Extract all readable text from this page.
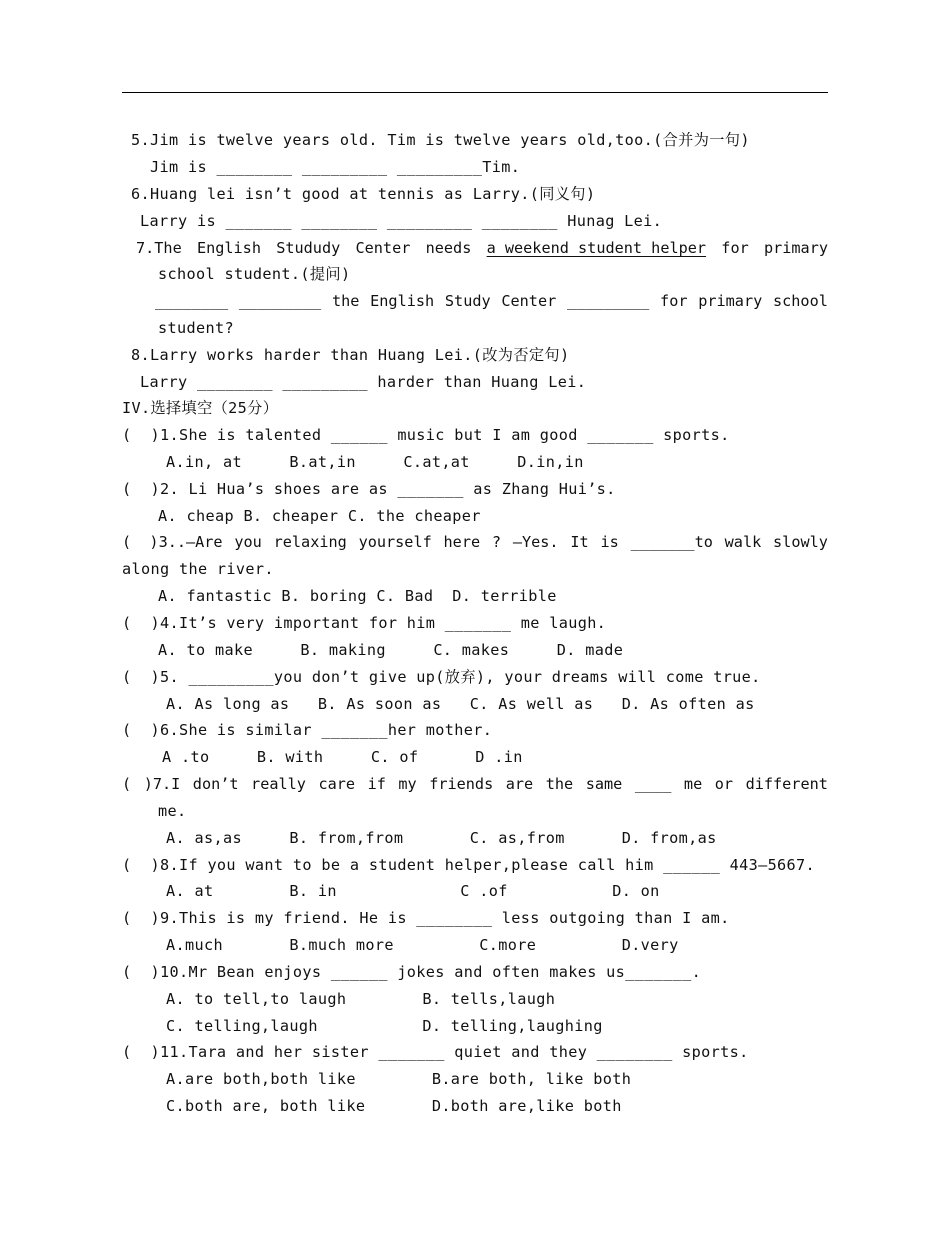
5.Jim is twelve years old. Tim is twelve years old,too.(合并为一句)
Jim is ________ _________ _________Tim.
6.Huang lei isn’t good at tennis as Larry.(同义句)
Larry is _______ ________ _________ ________ Hunag Lei.
7.The English Stududy Center needs a weekend student helper for primary
school student.(提问)
________ _________ the English Study Center _________ for primary school
student?
8.Larry works harder than Huang Lei.(改为否定句)
Larry ________ _________ harder than Huang Lei.
IV.选择填空（25分）
(  )1.She is talented ______ music but I am good _______ sports.
A.in, at     B.at,in     C.at,at     D.in,in
(  )2. Li Hua’s shoes are as _______ as Zhang Hui’s.
A. cheap B. cheaper C. the cheaper
(  )3..—Are you relaxing yourself here ? —Yes. It is _______to walk slowly
along the river.
A. fantastic B. boring C. Bad  D. terrible
(  )4.It’s very important for him _______ me laugh.
A. to make     B. making     C. makes     D. made
(  )5. _________you don’t give up(放弃), your dreams will come true.
A. As long as   B. As soon as   C. As well as   D. As often as
(  )6.She is similar _______her mother.
A .to     B. with     C. of      D .in
( )7.I don’t really care if my friends are the same ____ me or different
me.
A. as,as     B. from,from       C. as,from      D. from,as
(  )8.If you want to be a student helper,please call him ______ 443—5667.
A. at        B. in             C .of           D. on
(  )9.This is my friend. He is ________ less outgoing than I am.
A.much       B.much more         C.more         D.very
(  )10.Mr Bean enjoys ______ jokes and often makes us_______.
A. to tell,to laugh        B. tells,laugh
C. telling,laugh           D. telling,laughing
(  )11.Tara and her sister _______ quiet and they ________ sports.
A.are both,both like        B.are both, like both
C.both are, both like       D.both are,like both
